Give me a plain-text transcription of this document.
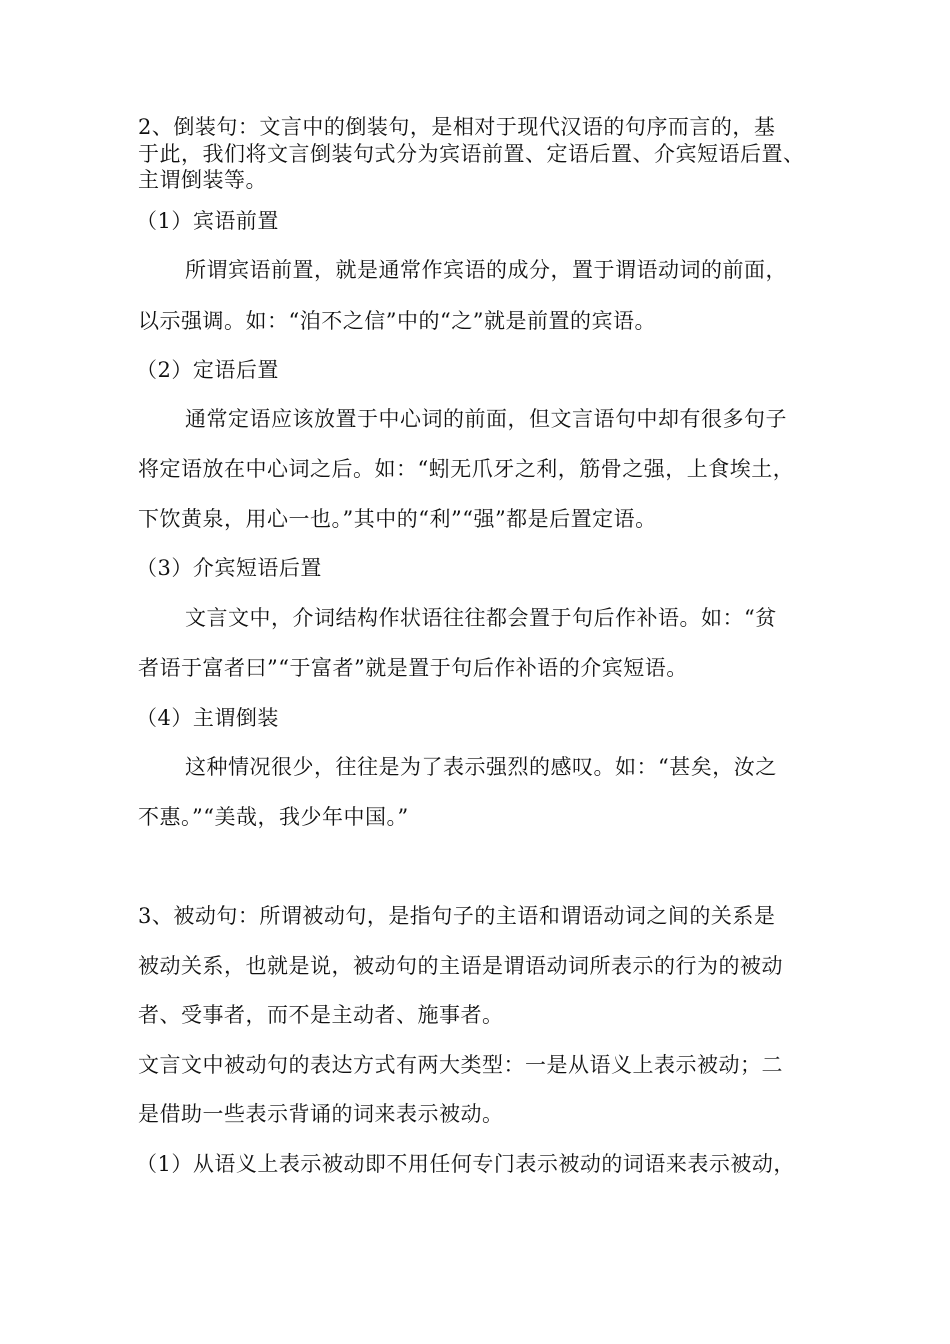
2、倒装句：文言中的倒装句，是相对于现代汉语的句序而言的，基
于此，我们将文言倒装句式分为宾语前置、定语后置、介宾短语后置、
主谓倒装等。
（1）宾语前置
所谓宾语前置，就是通常作宾语的成分，置于谓语动词的前面，
以示强调。如：“洎不之信”中的“之”就是前置的宾语。
（2）定语后置
通常定语应该放置于中心词的前面，但文言语句中却有很多句子
将定语放在中心词之后。如：“蚓无爪牙之利，筋骨之强，上食埃土，
下饮黄泉，用心一也。”其中的“利”“强”都是后置定语。
（3）介宾短语后置
文言文中，介词结构作状语往往都会置于句后作补语。如：“贫
者语于富者曰”“于富者”就是置于句后作补语的介宾短语。
（4）主谓倒装
这种情况很少，往往是为了表示强烈的感叹。如：“甚矣，汝之
不惠。”“美哉，我少年中国。”
3、被动句：所谓被动句，是指句子的主语和谓语动词之间的关系是
被动关系，也就是说，被动句的主语是谓语动词所表示的行为的被动
者、受事者，而不是主动者、施事者。
文言文中被动句的表达方式有两大类型：一是从语义上表示被动；二
是借助一些表示背诵的词来表示被动。
（1）从语义上表示被动即不用任何专门表示被动的词语来表示被动，
